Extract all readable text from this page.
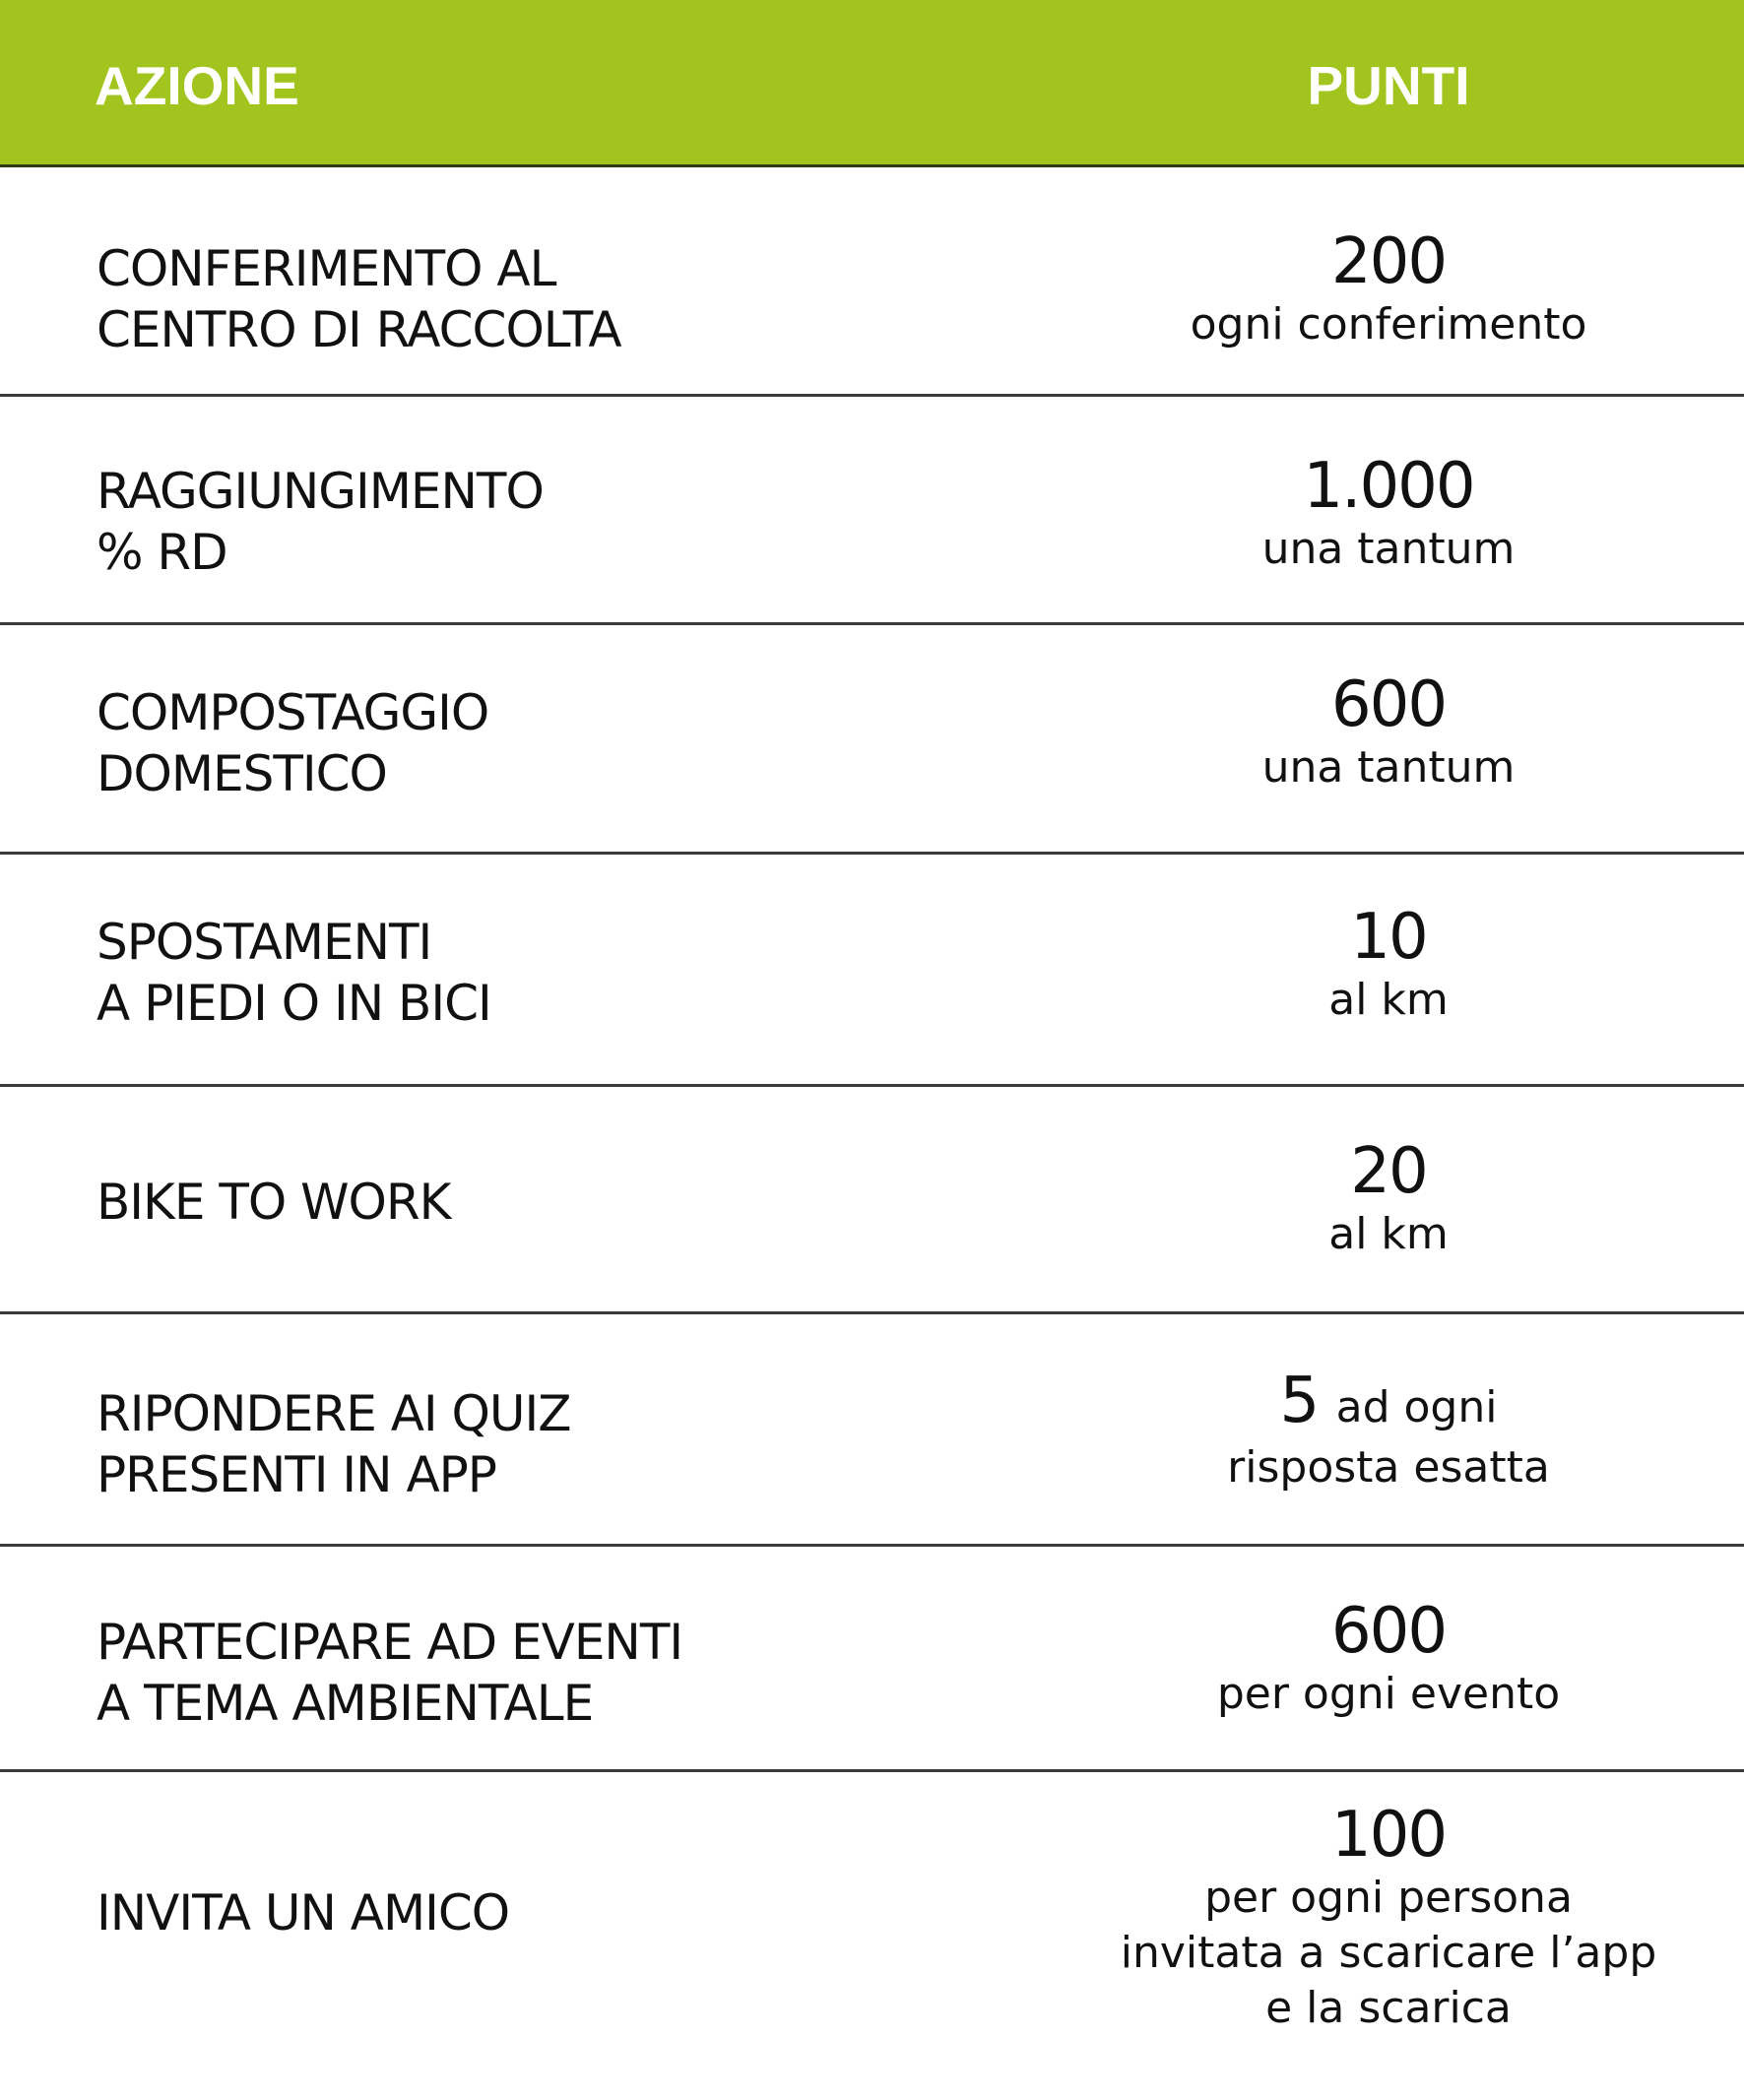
AZIONE	PUNTI
CONFERIMENTO AL
CENTRO DI RACCOLTA
200
ogni conferimento
RAGGIUNGIMENTO
% RD
1.000
una tantum
COMPOSTAGGIO
DOMESTICO
600
una tantum
SPOSTAMENTI
A PIEDI O IN BICI
10
al km
BIKE TO WORK	20
al km
RIPONDERE AI QUIZ
PRESENTI IN APP
5 ad ogni
risposta esatta
PARTECIPARE AD EVENTI
A TEMA AMBIENTALE
600
per ogni evento
INVITA UN AMICO
100
per ogni persona
invitata a scaricare l’app
e la scarica
